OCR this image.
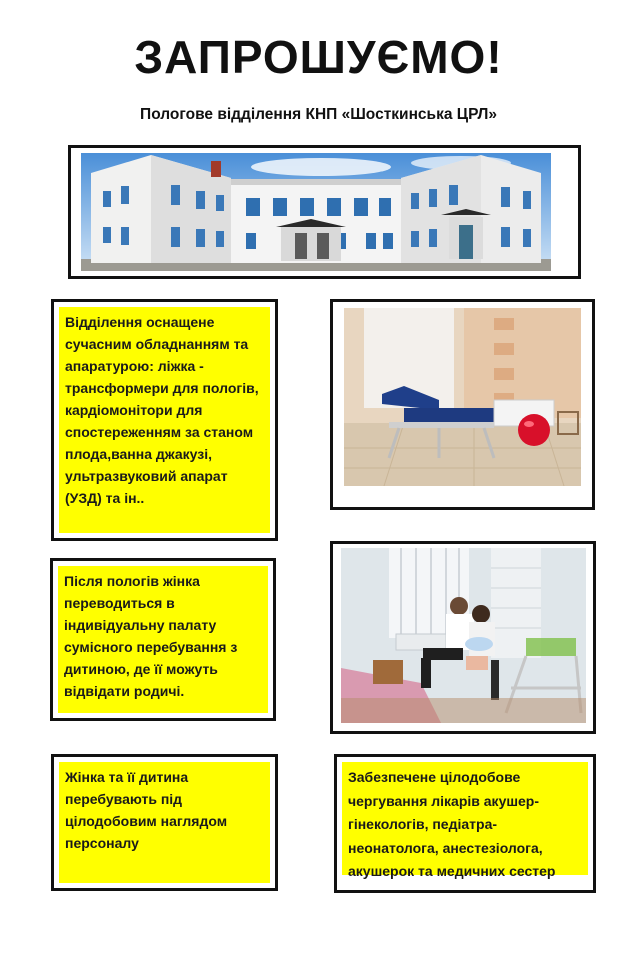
ЗАПРОШУЄМО!
Пологове відділення КНП «Шосткинська ЦРЛ»
Відділення оснащене сучасним обладнанням та апаратурою: ліжка - трансформери для пологів, кардіомонітори для спостереженням за станом плода,ванна джакузі, ультразвуковий апарат (УЗД) та ін..
Після пологів жінка переводиться в індивідуальну палату сумісного перебування з дитиною, де її можуть відвідати родичі.
Жінка та її дитина перебувають під цілодобовим наглядом персоналу
Забезпечене цілодобове чергування лікарів акушер-гінекологів, педіатра-неонатолога, анестезіолога, акушерок та медичних сестер
